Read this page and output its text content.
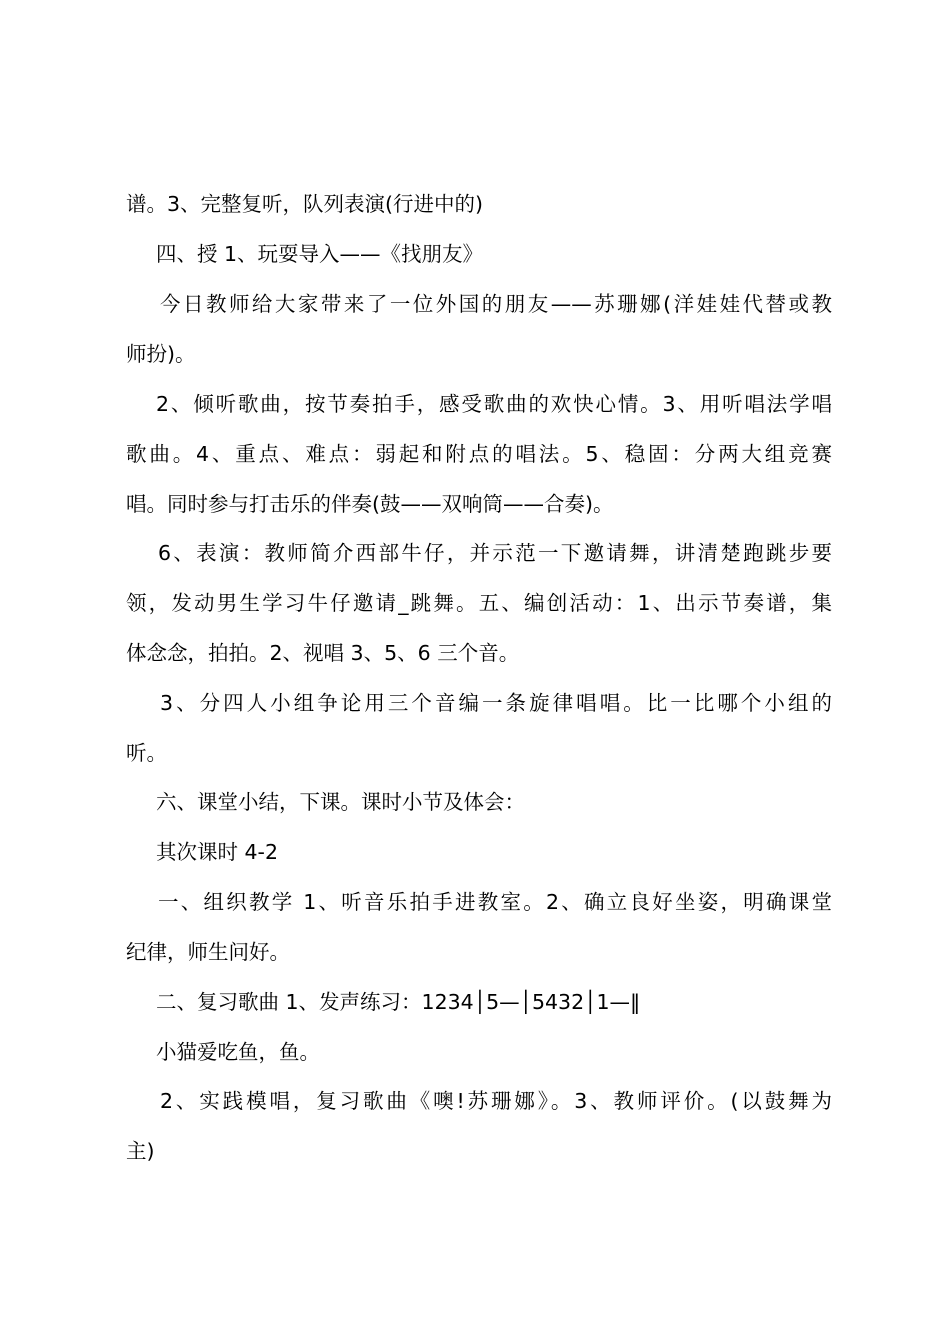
谱。3、完整复听，队列表演(行进中的)
四、授 1、玩耍导入——《找朋友》
今日教师给大家带来了一位外国的朋友——苏珊娜(洋娃娃代替或教
师扮)。
2、倾听歌曲，按节奏拍手，感受歌曲的欢快心情。3、用听唱法学唱
歌曲。4、重点、难点：弱起和附点的唱法。5、稳固：分两大组竞赛
唱。同时参与打击乐的伴奏(鼓——双响筒——合奏)。
6、表演：教师简介西部牛仔，并示范一下邀请舞，讲清楚跑跳步要
领，发动男生学习牛仔邀请_跳舞。五、编创活动：1、出示节奏谱，集
体念念，拍拍。2、视唱 3、5、6 三个音。
3、分四人小组争论用三个音编一条旋律唱唱。比一比哪个小组的
听。
六、课堂小结，下课。课时小节及体会：
其次课时 4-2
一、组织教学 1、听音乐拍手进教室。2、确立良好坐姿，明确课堂
纪律，师生问好。
二、复习歌曲 1、发声练习：1234│5—│5432│1—‖
小猫爱吃鱼，鱼。
2、实践模唱，复习歌曲《噢!苏珊娜》。3、教师评价。(以鼓舞为
主)
